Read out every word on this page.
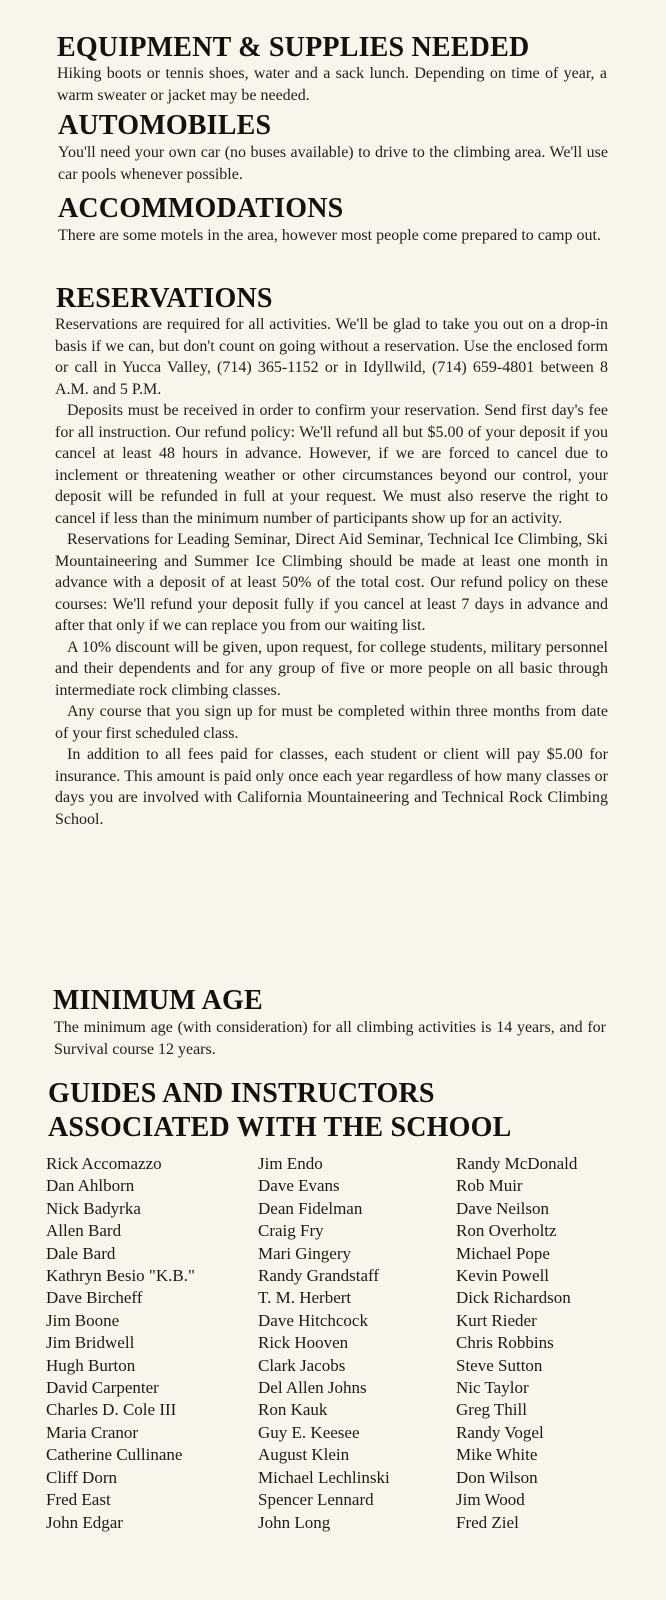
EQUIPMENT & SUPPLIES NEEDED

Hiking boots or tennis shoes, water and a sack lunch. Depending on time of year, a warm sweater or jacket may be needed.

AUTOMOBILES

You'll need your own car (no buses available) to drive to the climbing area. We'll use car pools whenever possible.

ACCOMMODATIONS

There are some motels in the area, however most people come prepared to camp out.

RESERVATIONS

Reservations are required for all activities. We'll be glad to take you out on a drop-in basis if we can, but don't count on going without a reservation. Use the enclosed form or call in Yucca Valley, (714) 365-1152 or in Idyllwild, (714) 659-4801 between 8 A.M. and 5 P.M.

Deposits must be received in order to confirm your reservation. Send first day's fee for all instruction. Our refund policy: We'll refund all but $5.00 of your deposit if you cancel at least 48 hours in advance. However, if we are forced to cancel due to inclement or threatening weather or other circumstances beyond our control, your deposit will be refunded in full at your request. We must also reserve the right to cancel if less than the minimum number of participants show up for an activity.

Reservations for Leading Seminar, Direct Aid Seminar, Technical Ice Climbing, Ski Mountaineering and Summer Ice Climbing should be made at least one month in advance with a deposit of at least 50% of the total cost. Our refund policy on these courses: We'll refund your deposit fully if you cancel at least 7 days in advance and after that only if we can replace you from our waiting list.

A 10% discount will be given, upon request, for college students, military personnel and their dependents and for any group of five or more people on all basic through intermediate rock climbing classes.

Any course that you sign up for must be completed within three months from date of your first scheduled class.

In addition to all fees paid for classes, each student or client will pay $5.00 for insurance. This amount is paid only once each year regardless of how many classes or days you are involved with California Mountaineering and Technical Rock Climbing School.

MINIMUM AGE

The minimum age (with consideration) for all climbing activities is 14 years, and for Survival course 12 years.

GUIDES AND INSTRUCTORS
ASSOCIATED WITH THE SCHOOL
Rick Accomazzo
Dan Ahlborn
Nick Badyrka
Allen Bard
Dale Bard
Kathryn Besio "K.B."
Dave Bircheff
Jim Boone
Jim Bridwell
Hugh Burton
David Carpenter
Charles D. Cole III
Maria Cranor
Catherine Cullinane
Cliff Dorn
Fred East
John Edgar
Jim Endo
Dave Evans
Dean Fidelman
Craig Fry
Mari Gingery
Randy Grandstaff
T. M. Herbert
Dave Hitchcock
Rick Hooven
Clark Jacobs
Del Allen Johns
Ron Kauk
Guy E. Keesee
August Klein
Michael Lechlinski
Spencer Lennard
John Long
Randy McDonald
Rob Muir
Dave Neilson
Ron Overholtz
Michael Pope
Kevin Powell
Dick Richardson
Kurt Rieder
Chris Robbins
Steve Sutton
Nic Taylor
Greg Thill
Randy Vogel
Mike White
Don Wilson
Jim Wood
Fred Ziel
